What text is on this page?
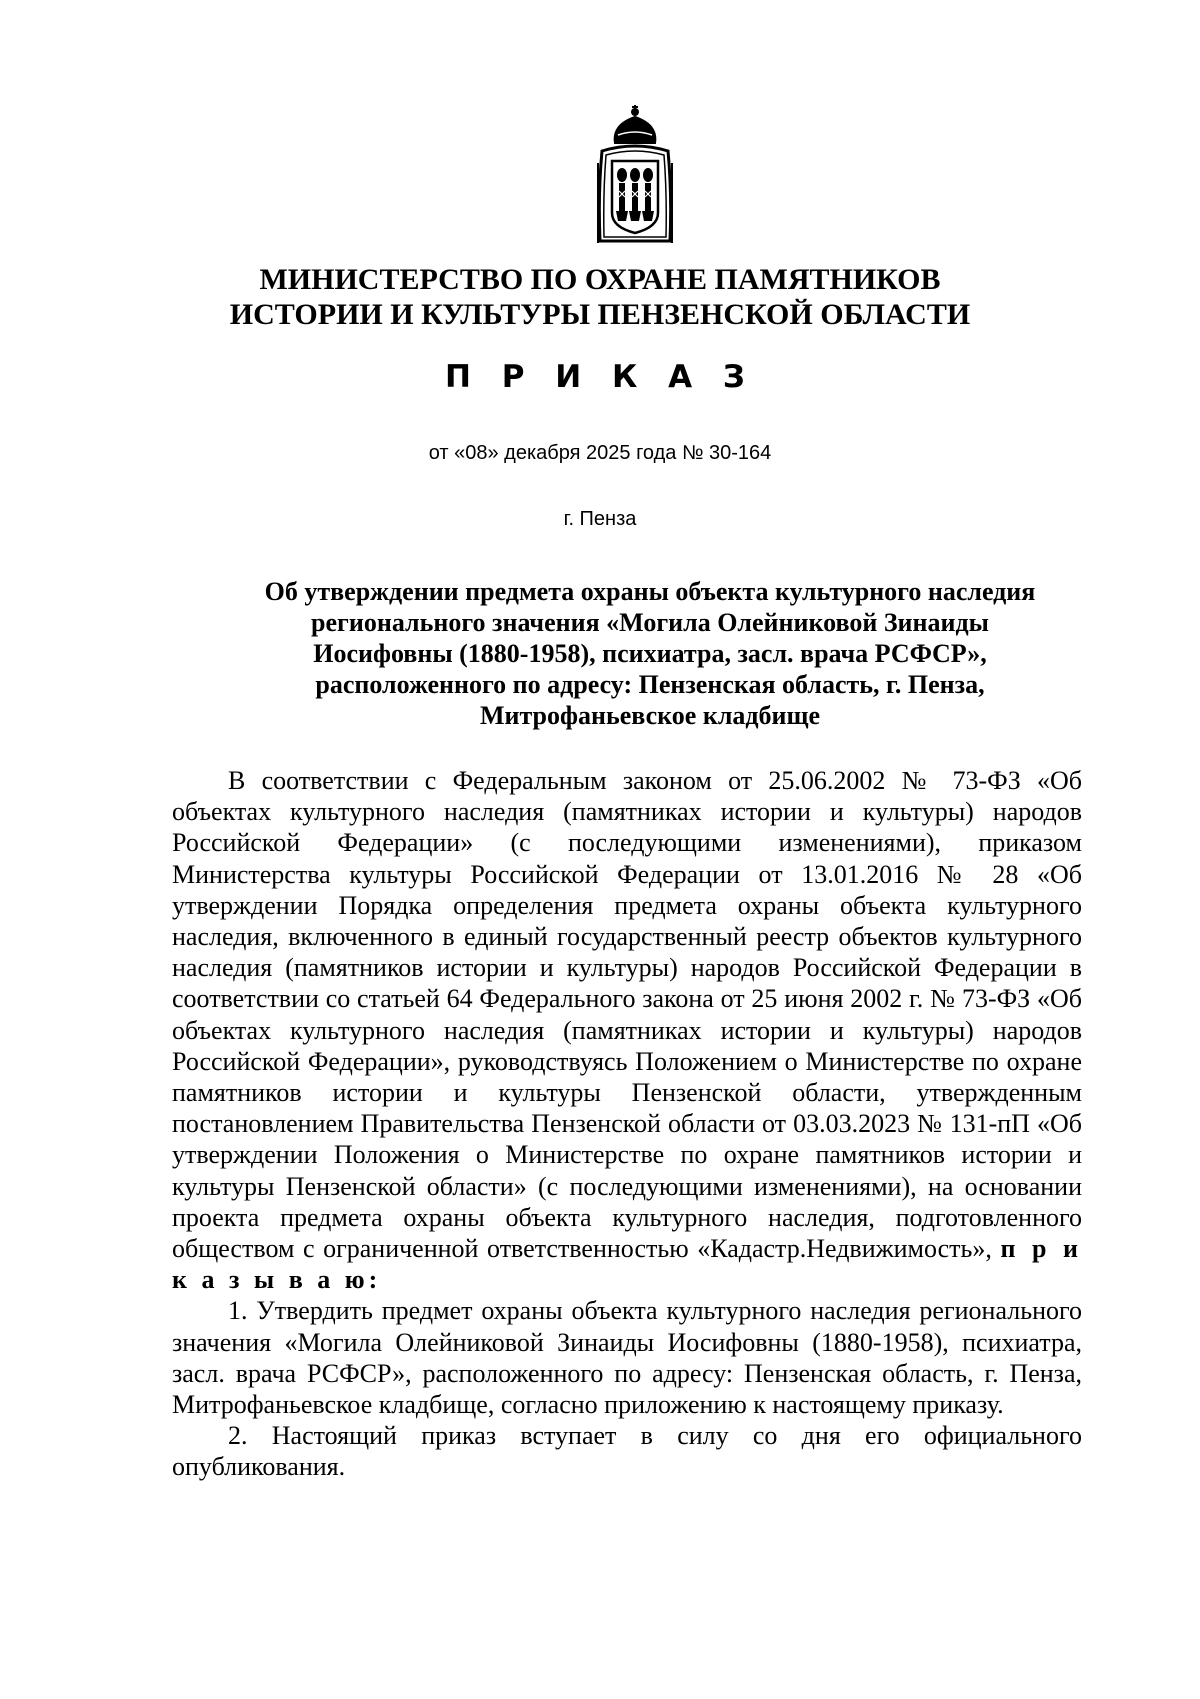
МИНИСТЕРСТВО ПО ОХРАНЕ ПАМЯТНИКОВ
ИСТОРИИ И КУЛЬТУРЫ ПЕНЗЕНСКОЙ ОБЛАСТИ
П Р И К А З
от «08» декабря 2025 года № 30-164
г. Пенза
Об утверждении предмета охраны объекта культурного наследия
регионального значения «Могила Олейниковой Зинаиды
Иосифовны (1880-1958), психиатра, засл. врача РСФСР»,
расположенного по адресу: Пензенская область, г. Пенза,
Митрофаньевское кладбище

В соответствии с Федеральным законом от 25.06.2002 № 73-ФЗ «Об объектах культурного наследия (памятниках истории и культуры) народов Российской Федерации» (с последующими изменениями), приказом Министерства культуры Российской Федерации от 13.01.2016 № 28 «Об утверждении Порядка определения предмета охраны объекта культурного наследия, включенного в единый государственный реестр объектов культурного наследия (памятников истории и культуры) народов Российской Федерации в соответствии со статьей 64 Федерального закона от 25 июня 2002 г. № 73-ФЗ «Об объектах культурного наследия (памятниках истории и культуры) народов Российской Федерации», руководствуясь Положением о Министерстве по охране памятников истории и культуры Пензенской области, утвержденным постановлением Правительства Пензенской области от 03.03.2023 № 131-пП «Об утверждении Положения о Министерстве по охране памятников истории и культуры Пензенской области» (с последующими изменениями), на основании проекта предмета охраны объекта культурного наследия, подготовленного обществом с ограниченной ответственностью «Кадастр.Недвижимость», п р и к а з ы в а ю:

1. Утвердить предмет охраны объекта культурного наследия регионального значения «Могила Олейниковой Зинаиды Иосифовны (1880-1958), психиатра, засл. врача РСФСР», расположенного по адресу: Пензенская область, г. Пенза, Митрофаньевское кладбище, согласно приложению к настоящему приказу.

2. Настоящий приказ вступает в силу со дня его официального опубликования.
